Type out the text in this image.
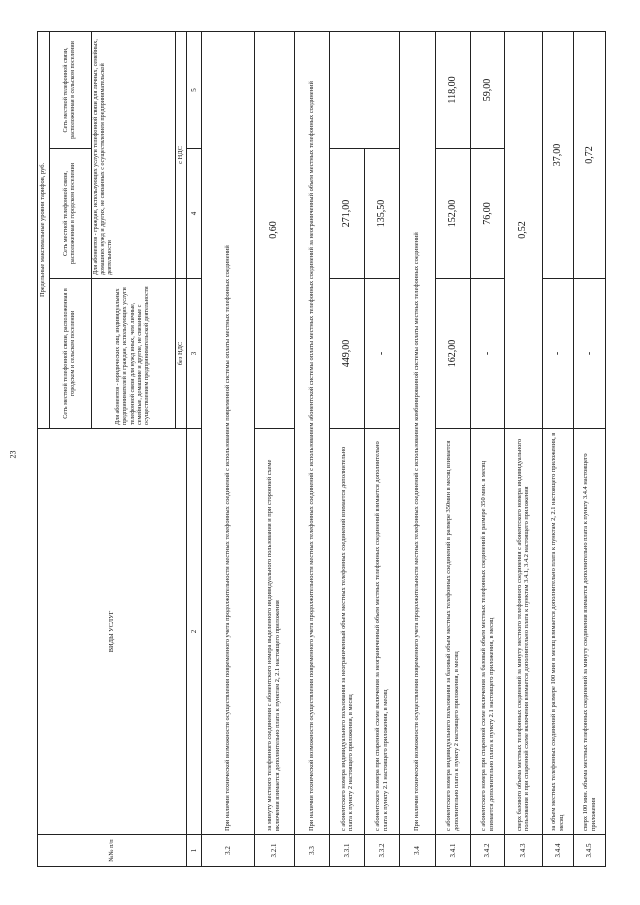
23
№№ п/п	ВИДЫ УСЛУГ	Предельные максимальные уровни тарифов, руб.		
		Сеть местной телефонной связи, расположенная в городском и сельском поселении	Сеть местной телефонной связи, расположенная в городском поселении	Сеть местной телефонной связи, расположенная в сельском поселении
		Для абонентов - юридических лиц, индивидуальных предпринимателей и граждан, использующих услуги телефонной связи для нужд иных, чем личные, семейные, домашние и другие, не связанные с осуществлением предпринимательской деятельности	Для абонентов - граждан, использующих услуги телефонной связи для личных, семейных, домашних нужд и других, не связанных с осуществлением предпринимательской деятельности	
		без НДС	с НДС	
1	2	3	4	5
3.2	При наличии технической возможности осуществления повременного учета продолжительности местных телефонных соединений с использованием повременной системы оплаты местных телефонных соединений			
3.2.1	за минуту местного телефонного соединения с абонентского номера выделенного индивидуального пользования и при сторонней схеме включения взимается дополнительно плата к пунктам 2, 2.1 настоящего приложения	0,60		
3.3	При наличии технической возможности осуществления повременного учета продолжительности местных телефонных соединений с использованием абонентской системы оплаты местных телефонных соединений за неограниченный объем местных телефонных соединений			
3.3.1	с абонентского номера индивидуального пользования за неограниченный объем местных телефонных соединений взимается дополнительно плата к пункту 2 настоящего приложения, в месяц	449,00	271,00	
3.3.2	с абонентского номера при спаренной схеме включения за неограниченный объем местных телефонных соединений взимается дополнительно плата к пункту 2.1 настоящего приложения, в месяц	-	135,50	
3.4	При наличии технической возможности осуществления повременного учета продолжительности местных телефонных соединений с использованием комбинированной системы оплаты местных телефонных соединений			
3.4.1	с абонентского номера индивидуального пользования за базовый объем местных телефонных соединений в размере 350мин в месяц взимается дополнительно плата к пункту 2 настоящего приложения, в месяц	162,00	152,00	118,00
3.4.2	с абонентского номера при спаренной схеме включения за базовый объем местных телефонных соединений в размере 350 мин. в месяц взимается дополнительно плата к пункту 2.1 настоящего приложения, в месяц	-	76,00	59,00
3.4.3	сверх базового объема местных телефонных соединений за минуту местного телефонного соединения с абонентского номера индивидуального пользования и при спаренной схеме включения взимается дополнительно плата к пунктам 3.4.1, 3.4.2 настоящего приложения	0,52		
3.4.4	за объем местных телефонных соединений в размере 100 мин в месяц взимается дополнительно плата к пунктам 2, 2.1 настоящего приложения, в месяц	-	37,00	
3.4.5	сверх 100 мин. объема местных телефонных соединений за минуту соединения взимается дополнительно плата к пункту 3.4.4 настоящего приложения	-	0,72	
